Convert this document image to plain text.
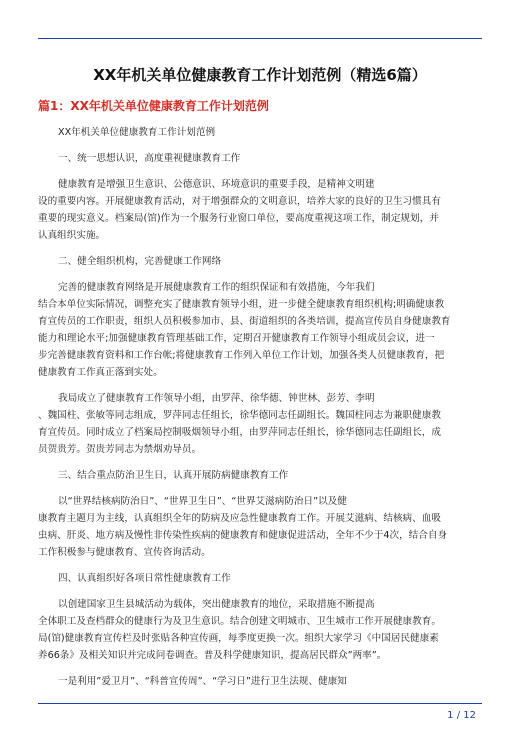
XX年机关单位健康教育工作计划范例（精选6篇）
篇1：XX年机关单位健康教育工作计划范例

XX年机关单位健康教育工作计划范例

一、统一思想认识，高度重视健康教育工作

健康教育是增强卫生意识、公德意识、环境意识的重要手段，是精神文明建
设的重要内容。开展健康教育活动，对于增强群众的文明意识，培养大家的良好的卫生习惯具有
重要的现实意义。档案局(馆)作为一个服务行业窗口单位，要高度重视这项工作，制定规划，并
认真组织实施。

二、健全组织机构，完善健康工作网络

完善的健康教育网络是开展健康教育工作的组织保证和有效措施，今年我们
结合本单位实际情况，调整充实了健康教育领导小组，进一步健全健康教育组织机构;明确健康教
育宣传员的工作职责，组织人员积极参加市、县、街道组织的各类培训，提高宣传员自身健康教育
能力和理论水平;加强健康教育管理基础工作，定期召开健康教育工作领导小组成员会议，进一
步完善健康教育资料和工作台帐;将健康教育工作列入单位工作计划，加强各类人员健康教育，把
健康教育工作真正落到实处。

我局成立了健康教育工作领导小组，由罗萍、徐华德、钟世林、彭芳、李明
、魏国柱、张敏等同志组成，罗萍同志任组长，徐华德同志任副组长。魏国柱同志为兼职健康教
育宣传员。同时成立了档案局控制吸烟领导小组，由罗萍同志任组长，徐华德同志任副组长，成
员贺贵芳。贺贵芳同志为禁烟劝导员。

三、结合重点防治卫生日，认真开展防病健康教育工作

以“世界结核病防治日”、“世界卫生日”、“世界艾滋病防治日”以及健
康教育主题月为主线，认真组织全年的防病及应急性健康教育工作。开展艾滋病、结核病、血吸
虫病、肝炎、地方病及慢性非传染性疾病的健康教育和健康促进活动，全年不少于4次，结合自身
工作积极参与健康教育、宣传咨询活动。

四、认真组织好各项日常性健康教育工作

以创建国家卫生县城活动为载体，突出健康教育的地位，采取措施不断提高
全体职工及查档群众的健康行为及卫生意识。结合创建文明城市、卫生城市工作开展健康教育。
局(馆)健康教育宣传栏及时张贴各种宣传画，每季度更换一次。组织大家学习《中国居民健康素
养66条》及相关知识并完成问卷调查。普及科学健康知识，提高居民群众”两率”。

一是利用”爱卫月”、“科普宣传周”、“学习日”进行卫生法规、健康知

1 / 12
